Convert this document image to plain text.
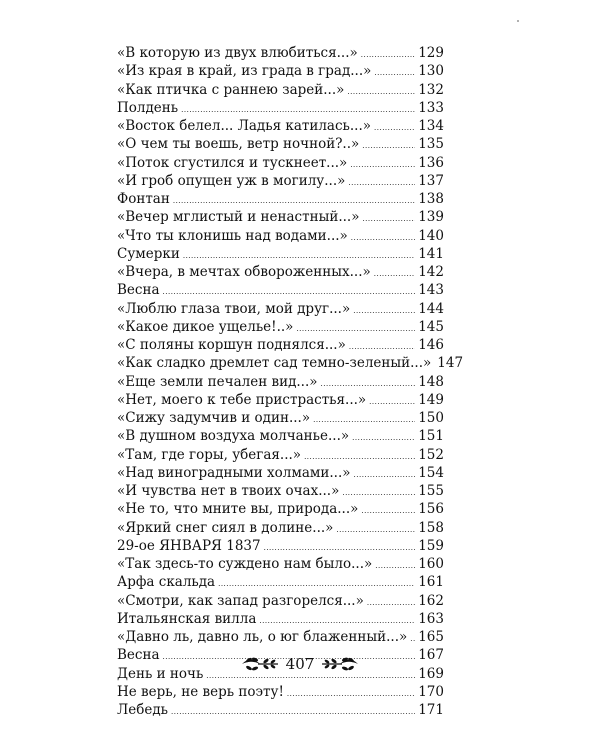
«В которую из двух влюбиться...» .....	129
«Из края в край, из града в град...» .....	130
«Как птичка с раннею зарей...» .....	132
Полдень .....	133
«Восток белел... Ладья катилась...» .....	134
«О чем ты воешь, ветр ночной?..» .....	135
«Поток сгустился и тускнеет...» .....	136
«И гроб опущен уж в могилу...» .....	137
Фонтан .....	138
«Вечер мглистый и ненастный...» .....	139
«Что ты клонишь над водами...» .....	140
Сумерки .....	141
«Вчера, в мечтах обвороженных...» .....	142
Весна .....	143
«Люблю глаза твои, мой друг...» .....	144
«Какое дикое ущелье!..» .....	145
«С поляны коршун поднялся...» .....	146
«Как сладко дремлет сад темно-зеленый...» 147
«Еще земли печален вид...» .....	148
«Нет, моего к тебе пристрастья...» .....	149
«Сижу задумчив и один...» .....	150
«В душном воздуха молчанье...» .....	151
«Там, где горы, убегая...» .....	152
«Над виноградными холмами...» .....	154
«И чувства нет в твоих очах...» .....	155
«Не то, что мните вы, природа...» .....	156
«Яркий снег сиял в долине...» .....	158
29-ое ЯНВАРЯ 1837 .....	159
«Так здесь-то суждено нам было...» .....	160
Арфа скальда .....	161
«Смотри, как запад разгорелся...» .....	162
Итальянская вилла .....	163
«Давно ль, давно ль, о юг блаженный...» ..... 165
Весна .....	167
День и ночь .....	169
Не верь, не верь поэту! .....	170
Лебедь .....	171
407
